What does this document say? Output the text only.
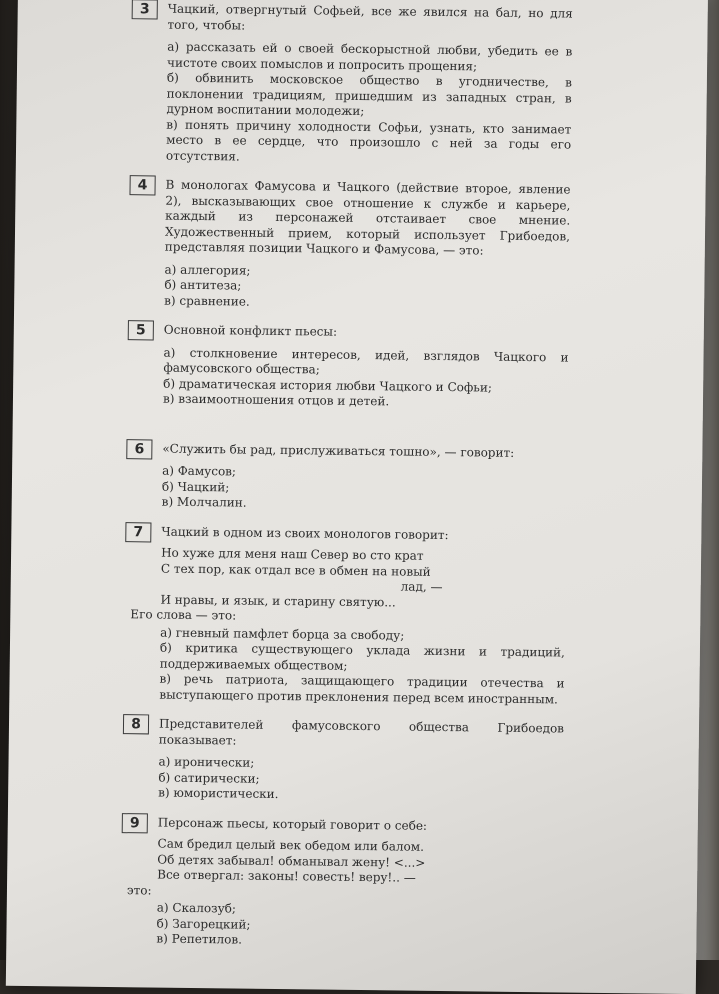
3	Чацкий, отвергнутый Софьей, все же явился на бал, но для того, чтобы:
а) рассказать ей о своей бескорыстной любви, убедить ее в чистоте своих помыслов и попросить прощения;
б) обвинить московское общество в угодничестве, в поклонении традициям, пришедшим из западных стран, в дурном воспитании молодежи;
в) понять причину холодности Софьи, узнать, кто занимает место в ее сердце, что произошло с ней за годы его отсутствия.
4	В монологах Фамусова и Чацкого (действие второе, явление 2), высказывающих свое отношение к службе и карьере, каждый из персонажей отстаивает свое мнение. Художественный прием, который использует Грибоедов, представляя позиции Чацкого и Фамусова, — это:
а) аллегория;
б) антитеза;
в) сравнение.
5	Основной конфликт пьесы:
а) столкновение интересов, идей, взглядов Чацкого и фамусовского общества;
б) драматическая история любви Чацкого и Софьи;
в) взаимоотношения отцов и детей.
6	«Служить бы рад, прислуживаться тошно», — говорит:
а) Фамусов;
б) Чацкий;
в) Молчалин.
7	Чацкий в одном из своих монологов говорит:
Но хуже для меня наш Север во сто крат
С тех пор, как отдал все в обмен на новый
лад, —
И нравы, и язык, и старину святую...
Его слова — это:
а) гневный памфлет борца за свободу;
б) критика существующего уклада жизни и традиций, поддерживаемых обществом;
в) речь патриота, защищающего традиции отечества и выступающего против преклонения перед всем иностранным.
8	Представителей фамусовского общества Грибоедов показывает:
а) иронически;
б) сатирически;
в) юмористически.
9	Персонаж пьесы, который говорит о себе:
Сам бредил целый век обедом или балом.
Об детях забывал! обманывал жену! <...>
Все отвергал: законы! совесть! веру!.. —
это:
а) Скалозуб;
б) Загорецкий;
в) Репетилов.
